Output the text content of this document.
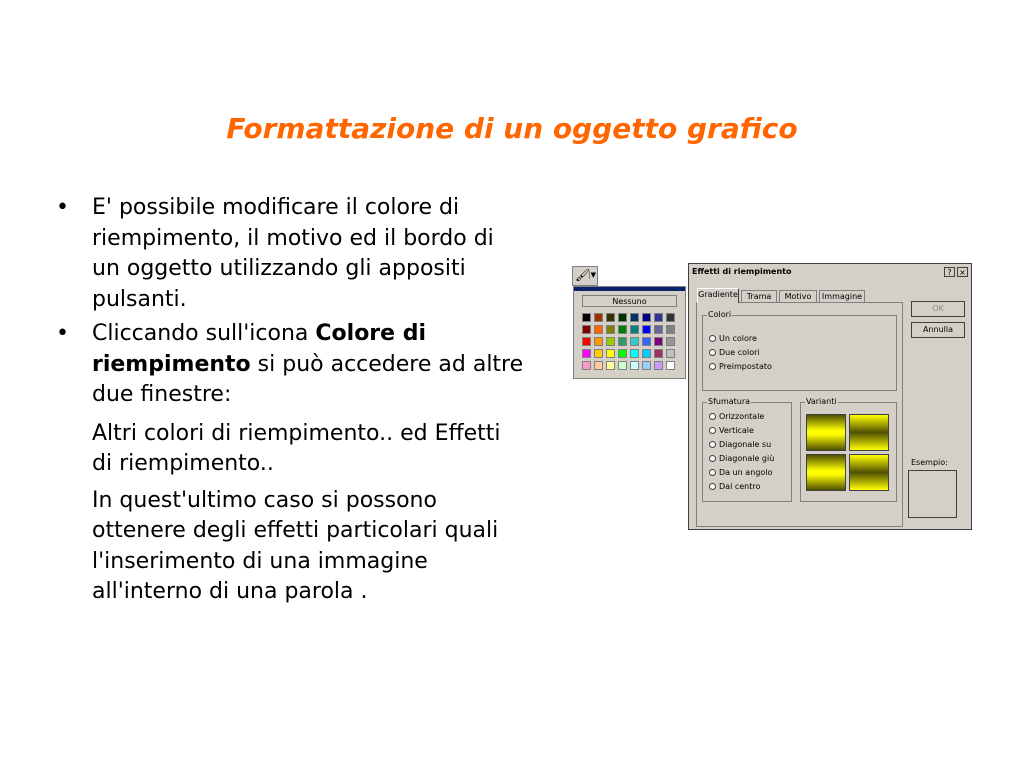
Formattazione di un oggetto grafico
• E' possibile modificare il colore di riempimento, il motivo ed il bordo di un oggetto utilizzando gli appositi pulsanti.
• Cliccando sull'icona Colore di riempimento si può accedere ad altre due finestre:
Altri colori di riempimento.. ed Effetti di riempimento..
In quest'ultimo caso si possono ottenere degli effetti particolari quali l'inserimento di una immagine all'interno di una parola .
🖌 ▼
Nessuno
Effetti di riempimento	? ×
Gradiente	Trama	Motivo	Immagine
Colori
Un colore
Due colori
Preimpostato
Sfumatura
Orizzontale
Verticale
Diagonale su
Diagonale giù
Da un angolo
Dal centro
Varianti
OK
Annulla
Esempio:
